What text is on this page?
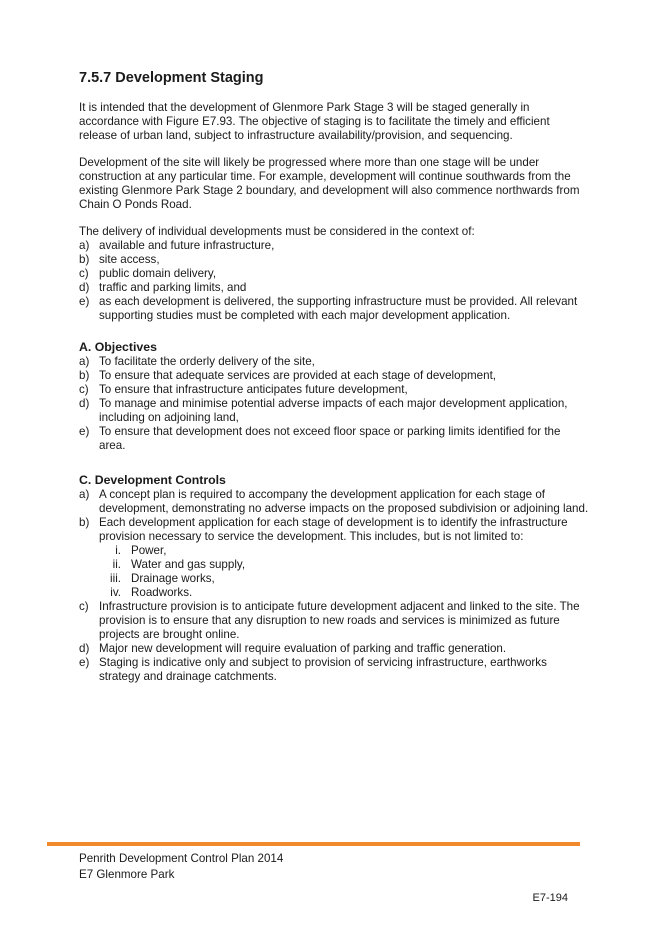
7.5.7 Development Staging

It is intended that the development of Glenmore Park Stage 3 will be staged generally in accordance with Figure E7.93. The objective of staging is to facilitate the timely and efficient release of urban land, subject to infrastructure availability/provision, and sequencing.

Development of the site will likely be progressed where more than one stage will be under construction at any particular time. For example, development will continue southwards from the existing Glenmore Park Stage 2 boundary, and development will also commence northwards from Chain O Ponds Road.

The delivery of individual developments must be considered in the context of:

a) available and future infrastructure,
b) site access,
c) public domain delivery,
d) traffic and parking limits, and
e) as each development is delivered, the supporting infrastructure must be provided. All relevant supporting studies must be completed with each major development application.
A. Objectives
a) To facilitate the orderly delivery of the site,
b) To ensure that adequate services are provided at each stage of development,
c) To ensure that infrastructure anticipates future development,
d) To manage and minimise potential adverse impacts of each major development application, including on adjoining land,
e) To ensure that development does not exceed floor space or parking limits identified for the area.
C. Development Controls
a) A concept plan is required to accompany the development application for each stage of development, demonstrating no adverse impacts on the proposed subdivision or adjoining land.
b) Each development application for each stage of development is to identify the infrastructure provision necessary to service the development. This includes, but is not limited to:
i. Power,
ii. Water and gas supply,
iii. Drainage works,
iv. Roadworks.
c) Infrastructure provision is to anticipate future development adjacent and linked to the site. The provision is to ensure that any disruption to new roads and services is minimized as future projects are brought online.
d) Major new development will require evaluation of parking and traffic generation.
e) Staging is indicative only and subject to provision of servicing infrastructure, earthworks strategy and drainage catchments.
Penrith Development Control Plan 2014
E7 Glenmore Park
E7-194
